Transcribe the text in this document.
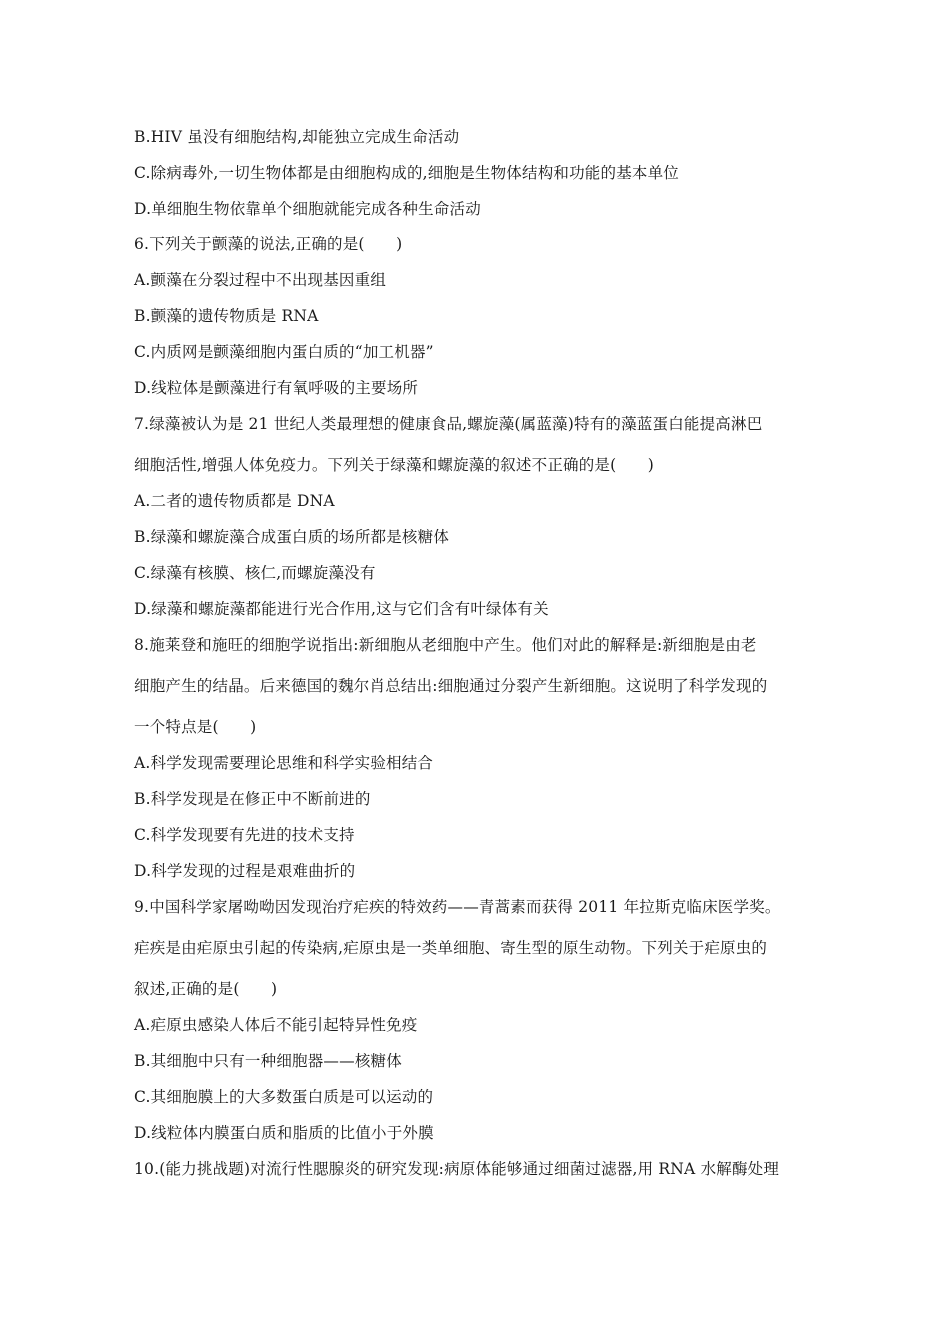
B.HIV 虽没有细胞结构,却能独立完成生命活动
C.除病毒外,一切生物体都是由细胞构成的,细胞是生物体结构和功能的基本单位
D.单细胞生物依靠单个细胞就能完成各种生命活动
6.下列关于颤藻的说法,正确的是(　　)
A.颤藻在分裂过程中不出现基因重组
B.颤藻的遗传物质是 RNA
C.内质网是颤藻细胞内蛋白质的“加工机器”
D.线粒体是颤藻进行有氧呼吸的主要场所
7.绿藻被认为是 21 世纪人类最理想的健康食品,螺旋藻(属蓝藻)特有的藻蓝蛋白能提高淋巴
细胞活性,增强人体免疫力。下列关于绿藻和螺旋藻的叙述不正确的是(　　)
A.二者的遗传物质都是 DNA
B.绿藻和螺旋藻合成蛋白质的场所都是核糖体
C.绿藻有核膜、核仁,而螺旋藻没有
D.绿藻和螺旋藻都能进行光合作用,这与它们含有叶绿体有关
8.施莱登和施旺的细胞学说指出:新细胞从老细胞中产生。他们对此的解释是:新细胞是由老
细胞产生的结晶。后来德国的魏尔肖总结出:细胞通过分裂产生新细胞。这说明了科学发现的
一个特点是(　　)
A.科学发现需要理论思维和科学实验相结合
B.科学发现是在修正中不断前进的
C.科学发现要有先进的技术支持
D.科学发现的过程是艰难曲折的
9.中国科学家屠呦呦因发现治疗疟疾的特效药——青蒿素而获得 2011 年拉斯克临床医学奖。
疟疾是由疟原虫引起的传染病,疟原虫是一类单细胞、寄生型的原生动物。下列关于疟原虫的
叙述,正确的是(　　)
A.疟原虫感染人体后不能引起特异性免疫
B.其细胞中只有一种细胞器——核糖体
C.其细胞膜上的大多数蛋白质是可以运动的
D.线粒体内膜蛋白质和脂质的比值小于外膜
10.(能力挑战题)对流行性腮腺炎的研究发现:病原体能够通过细菌过滤器,用 RNA 水解酶处理
